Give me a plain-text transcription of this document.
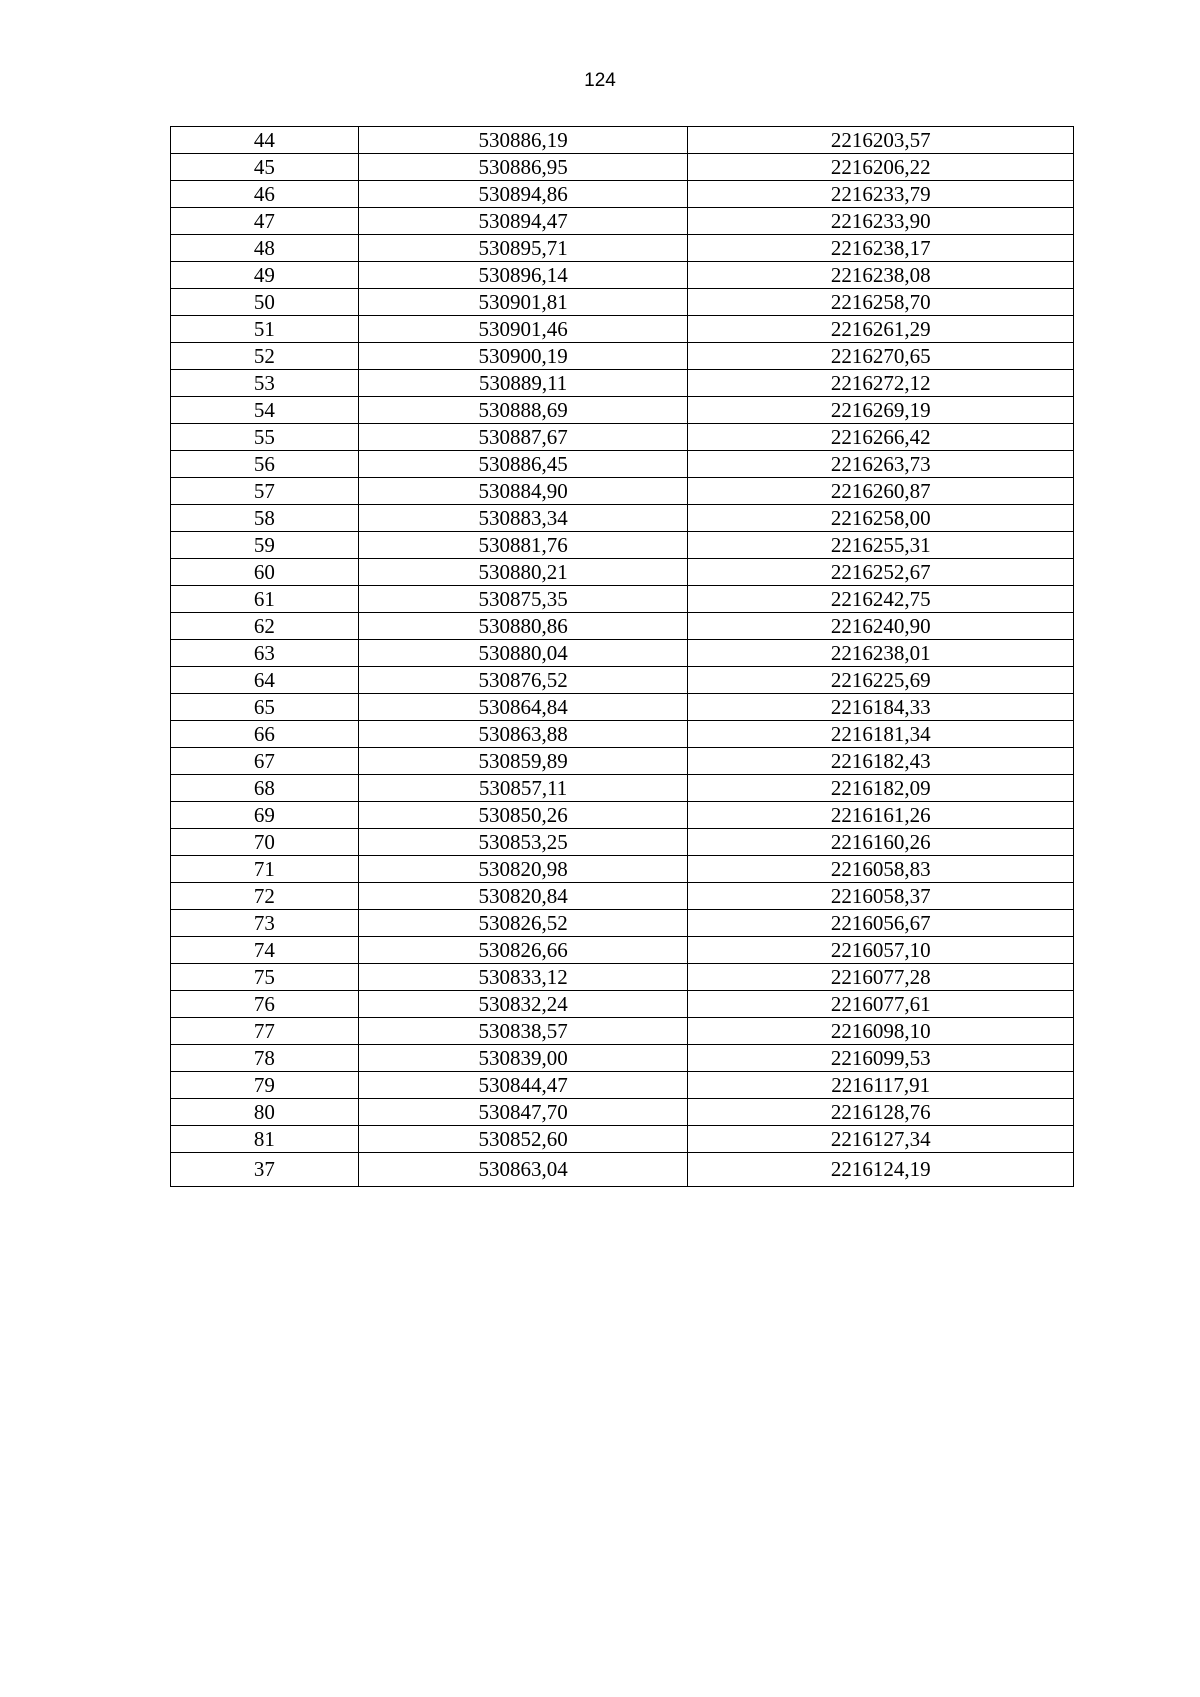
124
44	530886,19	2216203,57
45	530886,95	2216206,22
46	530894,86	2216233,79
47	530894,47	2216233,90
48	530895,71	2216238,17
49	530896,14	2216238,08
50	530901,81	2216258,70
51	530901,46	2216261,29
52	530900,19	2216270,65
53	530889,11	2216272,12
54	530888,69	2216269,19
55	530887,67	2216266,42
56	530886,45	2216263,73
57	530884,90	2216260,87
58	530883,34	2216258,00
59	530881,76	2216255,31
60	530880,21	2216252,67
61	530875,35	2216242,75
62	530880,86	2216240,90
63	530880,04	2216238,01
64	530876,52	2216225,69
65	530864,84	2216184,33
66	530863,88	2216181,34
67	530859,89	2216182,43
68	530857,11	2216182,09
69	530850,26	2216161,26
70	530853,25	2216160,26
71	530820,98	2216058,83
72	530820,84	2216058,37
73	530826,52	2216056,67
74	530826,66	2216057,10
75	530833,12	2216077,28
76	530832,24	2216077,61
77	530838,57	2216098,10
78	530839,00	2216099,53
79	530844,47	2216117,91
80	530847,70	2216128,76
81	530852,60	2216127,34
37	530863,04	2216124,19
